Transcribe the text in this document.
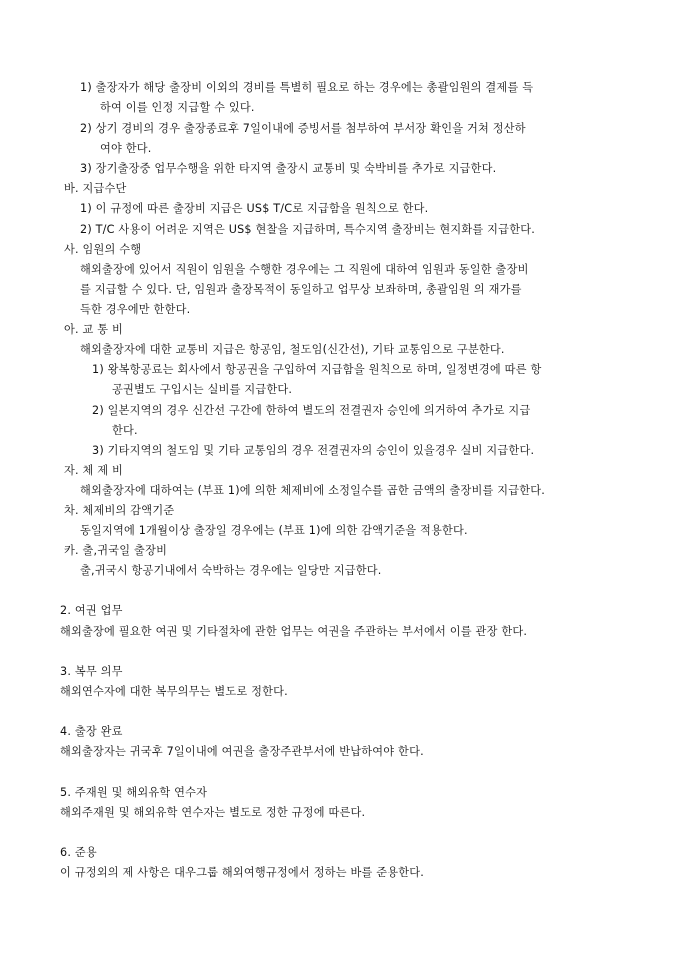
1) 출장자가 해당 출장비 이외의 경비를 특별히 필요로 하는 경우에는 총괄임원의 결제를 득
하여 이를 인정 지급할 수 있다.
2) 상기 경비의 경우 출장종료후 7일이내에 증빙서를 첨부하여 부서장 확인을 거쳐 정산하
여야 한다.
3) 장기출장중 업무수행을 위한 타지역 출장시 교통비 및 숙박비를 추가로 지급한다.
바. 지급수단
1) 이 규정에 따른 출장비 지급은 US$ T/C로 지급함을 원칙으로 한다.
2) T/C 사용이 어려운 지역은 US$ 현찰을 지급하며, 특수지역 출장비는 현지화를 지급한다.
사. 임원의 수행
해외출장에 있어서 직원이 임원을 수행한 경우에는 그 직원에 대하여 임원과 동일한 출장비
를 지급할 수 있다. 단, 임원과 출장목적이 동일하고 업무상 보좌하며, 총괄임원 의 재가를
득한 경우에만 한한다.
아. 교 통 비
해외출장자에 대한 교통비 지급은 항공임, 철도임(신간선), 기타 교통임으로 구분한다.
1) 왕복항공료는 회사에서 항공권을 구입하여 지급함을 원칙으로 하며, 일정변경에 따른 항
공권별도 구입시는 실비를 지급한다.
2) 일본지역의 경우 신간선 구간에 한하여 별도의 전결권자 승인에 의거하여 추가로 지급
한다.
3) 기타지역의 철도임 및 기타 교통임의 경우 전결권자의 승인이 있을경우 실비 지급한다.
자. 체 제 비
해외출장자에 대하여는 (부표 1)에 의한 체제비에 소정일수를 곱한 금액의 출장비를 지급한다.
차. 체제비의 감액기준
동일지역에 1개월이상 출장일 경우에는 (부표 1)에 의한 감액기준을 적용한다.
카. 출,귀국일 출장비
출,귀국시 항공기내에서 숙박하는 경우에는 일당만 지급한다.
2. 여권 업무
해외출장에 필요한 여권 및 기타절차에 관한 업무는 여권을 주관하는 부서에서 이를 관장 한다.
3. 복무 의무
해외연수자에 대한 복무의무는 별도로 정한다.
4. 출장 완료
해외출장자는 귀국후 7일이내에 여권을 출장주관부서에 반납하여야 한다.
5. 주재원 및 해외유학 연수자
해외주재원 및 해외유학 연수자는 별도로 정한 규정에 따른다.
6. 준용
이 규정외의 제 사항은 대우그룹 해외여행규정에서 정하는 바를 준용한다.
